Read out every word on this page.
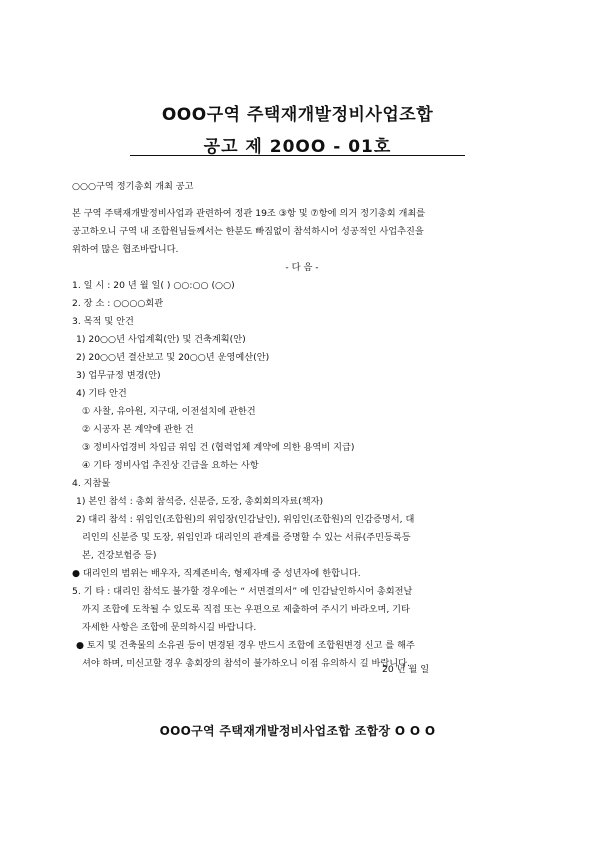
OOO구역 주택재개발정비사업조합
공고 제 20OO - 01호
○○○구역 정기총회 개최 공고
본 구역 주택재개발정비사업과 관련하여 정관 19조 ③항 및 ⑦항에 의거 정기총회 개최를
공고하오니 구역 내 조합원님들께서는 한분도 빠짐없이 참석하시어 성공적인 사업추진을
위하여 많은 협조바랍니다.
- 다 음 -
1. 일 시 : 20 년 월 일( ) ○○:○○ (○○)
2. 장 소 : ○○○○회관
3. 목적 및 안건
1) 20○○년 사업계획(안) 및 건축계획(안)
2) 20○○년 결산보고 및 20○○년 운영예산(안)
3) 업무규정 변경(안)
4) 기타 안건
① 사찰, 유아원, 지구대, 이전설치에 관한건
② 시공자 본 계약에 관한 건
③ 정비사업경비 차입금 위임 건 (협력업체 계약에 의한 용역비 지급)
④ 기타 정비사업 추진상 긴급을 요하는 사항
4. 지참물
1) 본인 참석 : 총회 참석증, 신분증, 도장, 총회회의자료(책자)
2) 대리 참석 : 위임인(조합원)의 위임장(인감날인), 위임인(조합원)의 인감증명서, 대
리인의 신분증 및 도장, 위임인과 대리인의 관계를 증명할 수 있는 서류(주민등록등
본, 건강보험증 등)
● 대리인의 범위는 배우자, 직계존비속, 형제자매 중 성년자에 한합니다.
5. 기 타 : 대리인 참석도 불가할 경우에는 “ 서면결의서” 에 인감날인하시어 총회전날
까지 조합에 도착될 수 있도록 직접 또는 우편으로 제출하여 주시기 바라오며, 기타
자세한 사항은 조합에 문의하시길 바랍니다.
● 토지 및 건축물의 소유권 등이 변경된 경우 반드시 조합에 조합원변경 신고 를 해주
셔야 하며, 미신고할 경우 총회장의 참석이 불가하오니 이점 유의하시 길 바랍니다.
20 년 월 일
OOO구역 주택재개발정비사업조합 조합장 O O O
